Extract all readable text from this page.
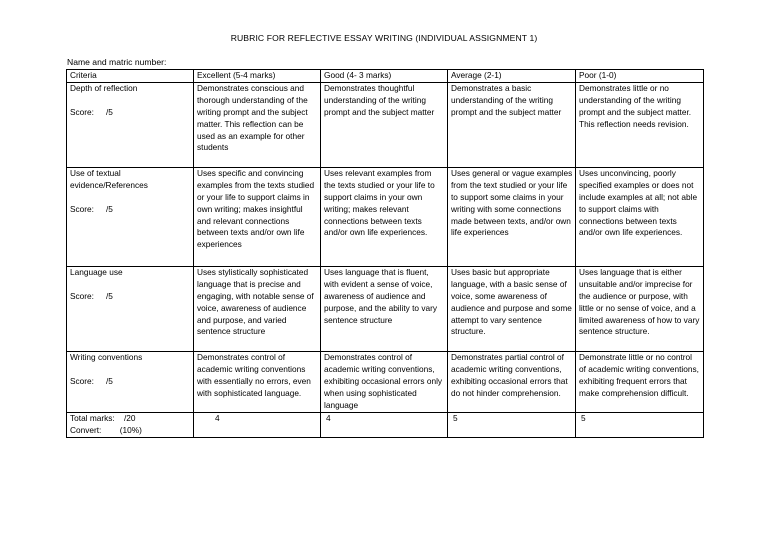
RUBRIC FOR REFLECTIVE ESSAY WRITING (INDIVIDUAL ASSIGNMENT 1)
Name and matric number:
Criteria	Excellent (5-4 marks)	Good (4- 3 marks)	Average (2-1)	Poor (1-0)

Depth of reflection
Score: /5	Demonstrates conscious and thorough understanding of the writing prompt and the subject matter. This reflection can be used as an example for other students	Demonstrates thoughtful understanding of the writing prompt and the subject matter	Demonstrates a basic understanding of the writing prompt and the subject matter	Demonstrates little or no understanding of the writing prompt and the subject matter. This reflection needs revision.

Use of textual evidence/References
Score: /5	Uses specific and convincing examples from the texts studied or your life to support claims in own writing; makes insightful and relevant connections between texts and/or own life experiences	Uses relevant examples from the texts studied or your life to support claims in your own writing; makes relevant connections between texts and/or own life experiences.	Uses general or vague examples from the text studied or your life to support some claims in your writing with some connections made between texts, and/or own life experiences	Uses unconvincing, poorly specified examples or does not include examples at all; not able to support claims with connections between texts and/or own life experiences.

Language use
Score: /5	Uses stylistically sophisticated language that is precise and engaging, with notable sense of voice, awareness of audience and purpose, and varied sentence structure	Uses language that is fluent, with evident a sense of voice, awareness of audience and purpose, and the ability to vary sentence structure	Uses basic but appropriate language, with a basic sense of voice, some awareness of audience and purpose and some attempt to vary sentence structure.	Uses language that is either unsuitable and/or imprecise for the audience or purpose, with little or no sense of voice, and a limited awareness of how to vary sentence structure.

Writing conventions
Score: /5	Demonstrates control of academic writing conventions with essentially no errors, even with sophisticated language.	Demonstrates control of academic writing conventions, exhibiting occasional errors only when using sophisticated language	Demonstrates partial control of academic writing conventions, exhibiting occasional errors that do not hinder comprehension.	Demonstrate little or no control of academic writing conventions, exhibiting frequent errors that make comprehension difficult.

Total marks:    /20
Convert:        (10%)	4	4	5	5
